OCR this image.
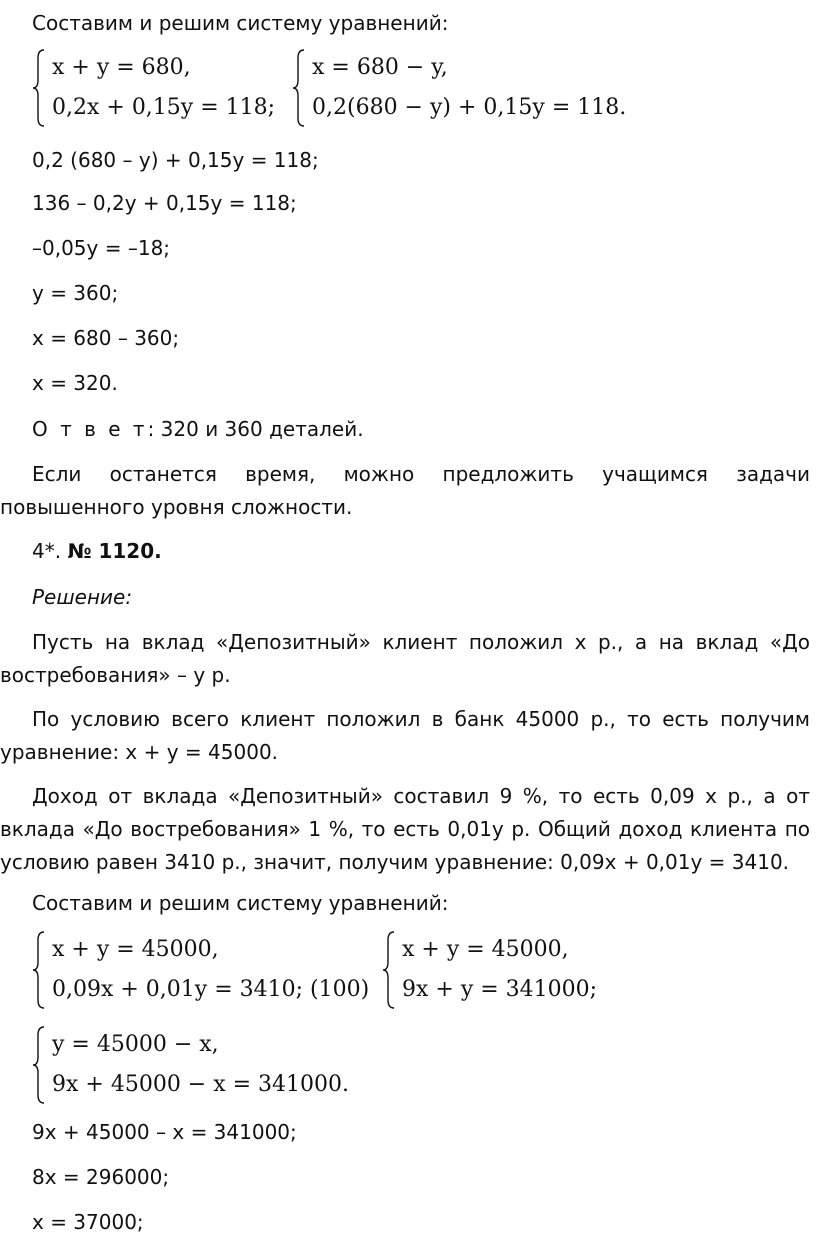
Составим и решим систему уравнений:

x + y = 680,
0,2x + 0,15y = 118;
x = 680 − y,
0,2(680 − y) + 0,15y = 118.

0,2 (680 – y) + 0,15y = 118;

136 – 0,2y + 0,15y = 118;

–0,05y = –18;

y = 360;

x = 680 – 360;

x = 320.

О т в е т: 320 и 360 деталей.

Если останется время, можно предложить учащимся задачи повышенного уровня сложности.

4*. № 1120.

Решение:

Пусть на вклад «Депозитный» клиент положил x р., а на вклад «До востребования» – y р.

По условию всего клиент положил в банк 45000 р., то есть получим уравнение: x + y = 45000.

Доход от вклада «Депозитный» составил 9 %, то есть 0,09 x р., а от вклада «До востребования» 1 %, то есть 0,01y р. Общий доход клиента по условию равен 3410 р., значит, получим уравнение: 0,09x + 0,01y = 3410.

Составим и решим систему уравнений:

x + y = 45000,
0,09x + 0,01y = 3410; (100)
x + y = 45000,
9x + y = 341000;
y = 45000 − x,
9x + 45000 − x = 341000.

9x + 45000 – x = 341000;

8x = 296000;

x = 37000;
